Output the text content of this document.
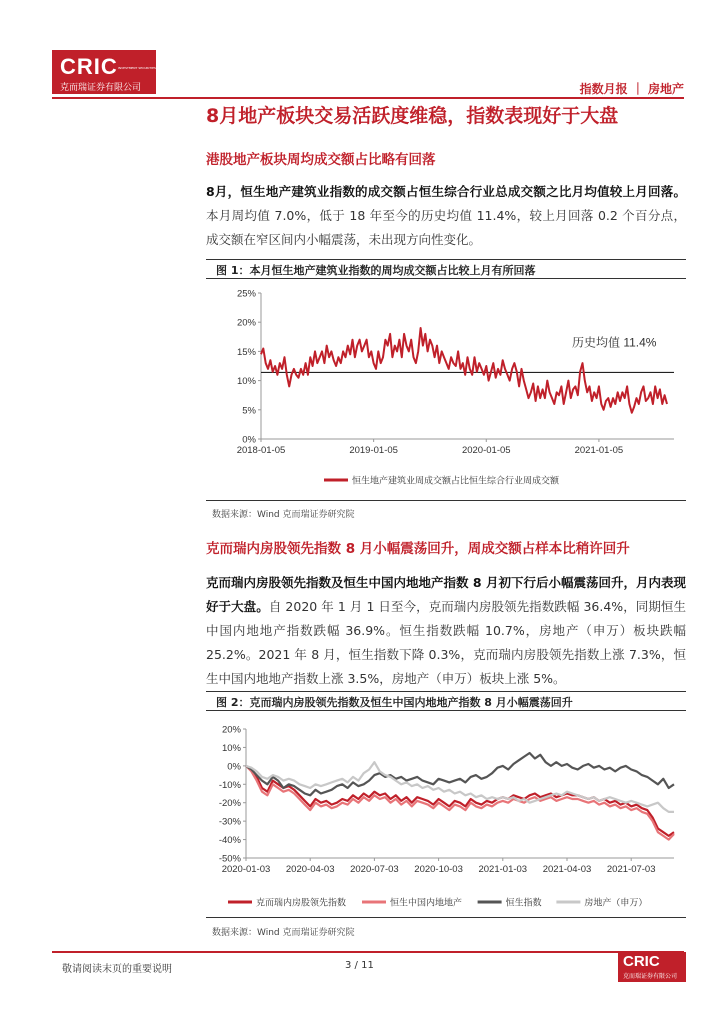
CRIC INVESTMENT SECURITIES
克而瑞证券有限公司	指数月报 ｜ 房地产
8月地产板块交易活跃度维稳，指数表现好于大盘
港股地产板块周均成交额占比略有回落
8月，恒生地产建筑业指数的成交额占恒生综合行业总成交额之比月均值较上月回落。本月周均值 7.0%，低于 18 年至今的历史均值 11.4%，较上月回落 0.2 个百分点，成交额在窄区间内小幅震荡，未出现方向性变化。
图 1：本月恒生地产建筑业指数的周均成交额占比较上月有所回落
0%
5%
10%
15%
20%
25%
2018-01-05	2019-01-05	2020-01-05	2021-01-05
历史均值 11.4%
恒生地产建筑业周成交额占比恒生综合行业周成交额
数据来源：Wind 克而瑞证券研究院
克而瑞内房股领先指数 8 月小幅震荡回升，周成交额占样本比稍许回升
克而瑞内房股领先指数及恒生中国内地地产指数 8 月初下行后小幅震荡回升，月内表现好于大盘。自 2020 年 1 月 1 日至今，克而瑞内房股领先指数跌幅 36.4%，同期恒生中国内地地产指数跌幅 36.9%。恒生指数跌幅 10.7%，房地产（申万）板块跌幅 25.2%。2021 年 8 月，恒生指数下降 0.3%，克而瑞内房股领先指数上涨 7.3%，恒生中国内地地产指数上涨 3.5%，房地产（申万）板块上涨 5%。
图 2：克而瑞内房股领先指数及恒生中国内地地产指数 8 月小幅震荡回升
-50%
-40%
-30%
-20%
-10%
0%
10%
20%
2020-01-03 2020-04-03 2020-07-03 2020-10-03 2021-01-03 2021-04-03 2021-07-03
克而瑞内房股领先指数	恒生中国内地地产	恒生指数	房地产（申万）
数据来源：Wind 克而瑞证券研究院
敬请阅读末页的重要说明	3 / 11	CRIC
克而瑞证券有限公司
